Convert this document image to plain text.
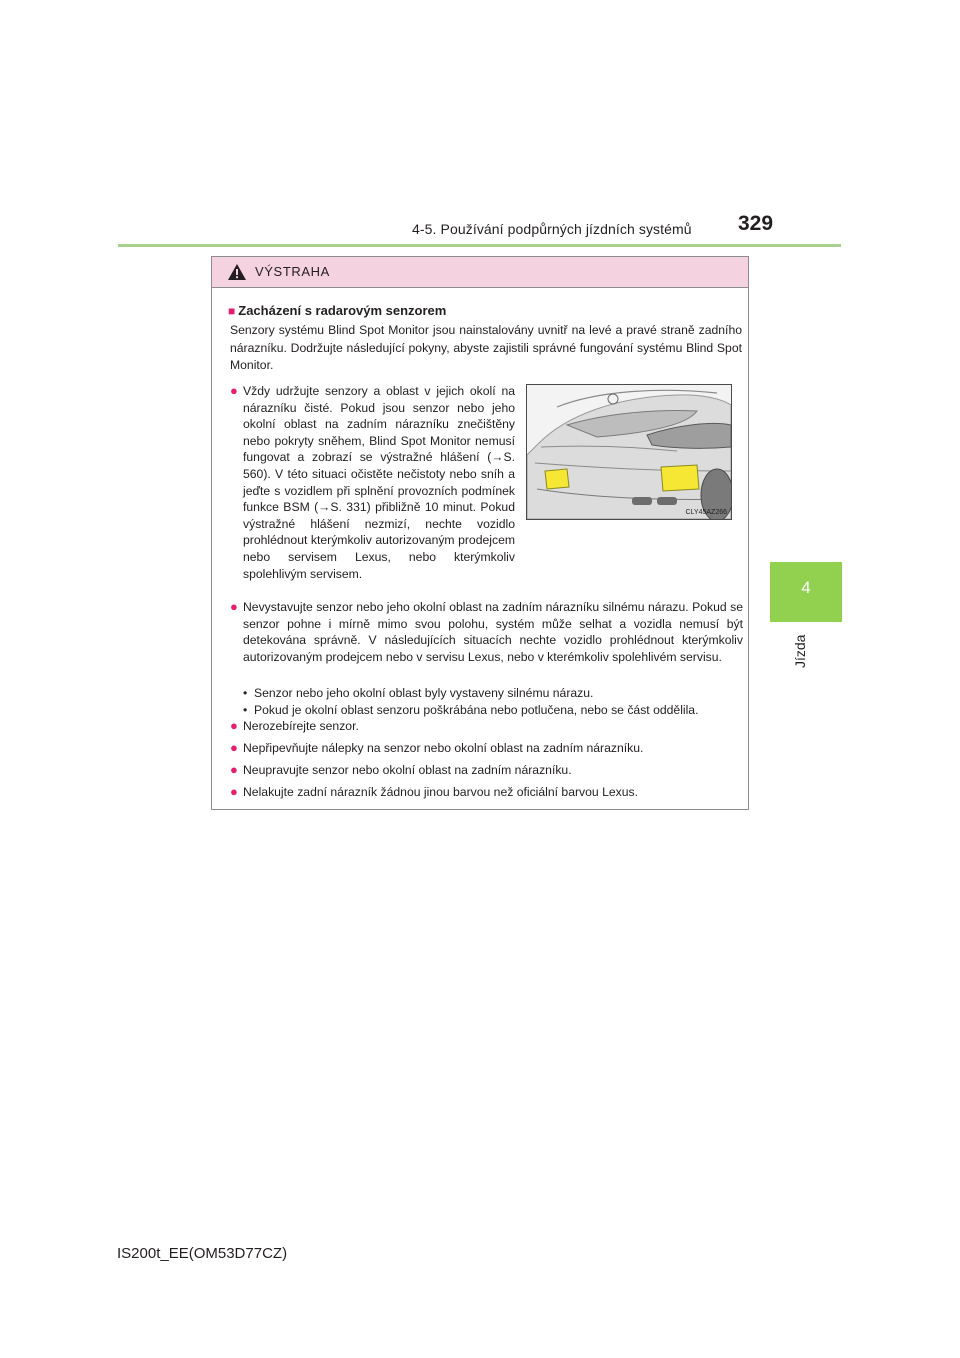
4-5. Používání podpůrných jízdních systémů 329
4
Jízda
VÝSTRAHA
■ Zacházení s radarovým senzorem
Senzory systému Blind Spot Monitor jsou nainstalovány uvnitř na levé a pravé straně zadního nárazníku. Dodržujte následující pokyny, abyste zajistili správné fungování systému Blind Spot Monitor.
● Vždy udržujte senzory a oblast v jejich okolí na nárazníku čisté. Pokud jsou senzor nebo jeho okolní oblast na zadním nárazníku znečištěny nebo pokryty sněhem, Blind Spot Monitor nemusí fungovat a zobrazí se výstražné hlášení (→S. 560). V této situaci očistěte nečistoty nebo sníh a jeďte s vozidlem při splnění provozních podmínek funkce BSM (→S. 331) přibližně 10 minut. Pokud výstražné hlášení nezmizí, nechte vozidlo prohlédnout kterýmkoliv autorizovaným prodejcem nebo servisem Lexus, nebo kterýmkoliv spolehlivým servisem.
CLY45AZ266
● Nevystavujte senzor nebo jeho okolní oblast na zadním nárazníku silnému nárazu. Pokud se senzor pohne i mírně mimo svou polohu, systém může selhat a vozidla nemusí být detekována správně. V následujících situacích nechte vozidlo prohlédnout kterýmkoliv autorizovaným prodejcem nebo v servisu Lexus, nebo v kterémkoliv spolehlivém servisu.
• Senzor nebo jeho okolní oblast byly vystaveny silnému nárazu.
• Pokud je okolní oblast senzoru poškrábána nebo potlučena, nebo se část oddělila.
● Nerozebírejte senzor.
● Nepřipevňujte nálepky na senzor nebo okolní oblast na zadním nárazníku.
● Neupravujte senzor nebo okolní oblast na zadním nárazníku.
● Nelakujte zadní nárazník žádnou jinou barvou než oficiální barvou Lexus.
IS200t_EE(OM53D77CZ)
